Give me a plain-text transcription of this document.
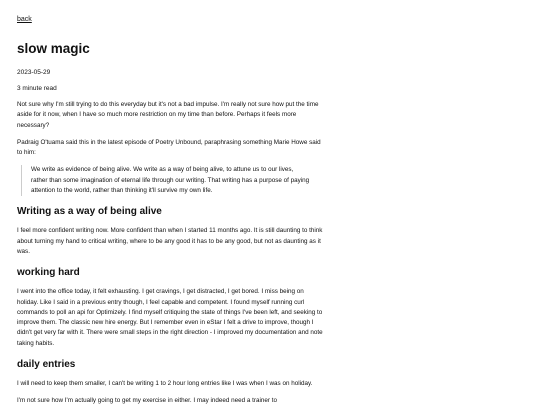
back
slow magic
2023-05-29
3 minute read

Not sure why I'm still trying to do this everyday but it's not a bad impulse. I'm really not sure how put the time aside for it now, when I have so much more restriction on my time than before. Perhaps it feels more necessary?

Padraig O'tuama said this in the latest episode of Poetry Unbound, paraphrasing something Marie Howe said to him:

We write as evidence of being alive. We write as a way of being alive, to attune us to our lives, rather than some imagination of eternal life through our writing. That writing has a purpose of paying attention to the world, rather than thinking it'll survive my own life.
Writing as a way of being alive

I feel more confident writing now. More confident than when I started 11 months ago. It is still daunting to think about turning my hand to critical writing, where to be any good it has to be any good, but not as daunting as it was.

working hard

I went into the office today, it felt exhausting. I get cravings, I get distracted, I get bored. I miss being on holiday. Like I said in a previous entry though, I feel capable and competent. I found myself running curl commands to poll an api for Optimizely. I find myself critiquing the state of things I've been left, and seeking to improve them. The classic new hire energy. But I remember even in eStar I felt a drive to improve, though I didn't get very far with it. There were small steps in the right direction - I improved my documentation and note taking habits.

daily entries

I will need to keep them smaller, I can't be writing 1 to 2 hour long entries like I was when I was on holiday.

I'm not sure how I'm actually going to get my exercise in either. I may indeed need a trainer to
